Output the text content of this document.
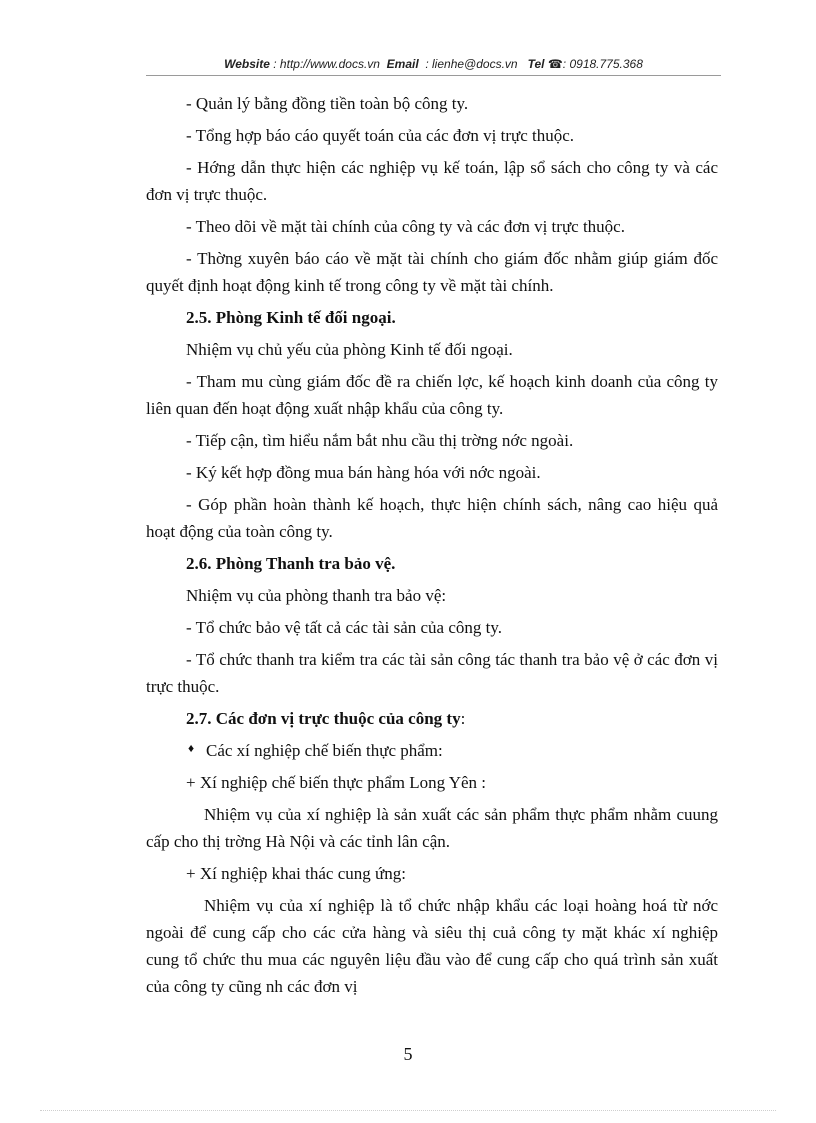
Website : http://www.docs.vn Email : lienhe@docs.vn Tel ☎: 0918.775.368

- Quản lý bằng đồng tiền toàn bộ công ty.

- Tổng hợp báo cáo quyết toán của các đơn vị trực thuộc.

- Hớng dẫn thực hiện các nghiệp vụ kế toán, lập sổ sách cho công ty và các đơn vị trực thuộc.

- Theo dõi về mặt tài chính của công ty và các đơn vị trực thuộc.

- Thờng xuyên báo cáo về mặt tài chính cho giám đốc nhằm giúp giám đốc quyết định hoạt động kinh tế trong công ty về mặt tài chính.

2.5. Phòng Kinh tế đối ngoại.

Nhiệm vụ chủ yếu của phòng Kinh tế đối ngoại.

- Tham mu cùng giám đốc đề ra chiến lợc, kế hoạch kinh doanh của công ty liên quan đến hoạt động xuất nhập khẩu của công ty.

- Tiếp cận, tìm hiểu nắm bắt nhu cầu thị trờng nớc ngoài.

- Ký kết hợp đồng mua bán hàng hóa với nớc ngoài.

- Góp phần hoàn thành kế hoạch, thực hiện chính sách, nâng cao hiệu quả hoạt động của toàn công ty.

2.6. Phòng Thanh tra bảo vệ.

Nhiệm vụ của phòng thanh tra bảo vệ:

- Tổ chức bảo vệ tất cả các tài sản của công ty.

- Tổ chức thanh tra kiểm tra các tài sản công tác thanh tra bảo vệ ở các đơn vị trực thuộc.

2.7. Các đơn vị trực thuộc của công ty:

♦ Các xí nghiệp chế biến thực phẩm:

+ Xí nghiệp chế biến thực phẩm Long Yên :

Nhiệm vụ của xí nghiệp là sản xuất các sản phẩm thực phẩm nhằm cuung cấp cho thị trờng Hà Nội và các tỉnh lân cận.

+ Xí nghiệp khai thác cung ứng:

Nhiệm vụ của xí nghiệp là tổ chức nhập khẩu các loại hoàng hoá từ nớc ngoài để cung cấp cho các cửa hàng và siêu thị cuả công ty mặt khác xí nghiệp cung tổ chức thu mua các nguyên liệu đầu vào để cung cấp cho quá trình sản xuất của công ty cũng nh các đơn vị

5
